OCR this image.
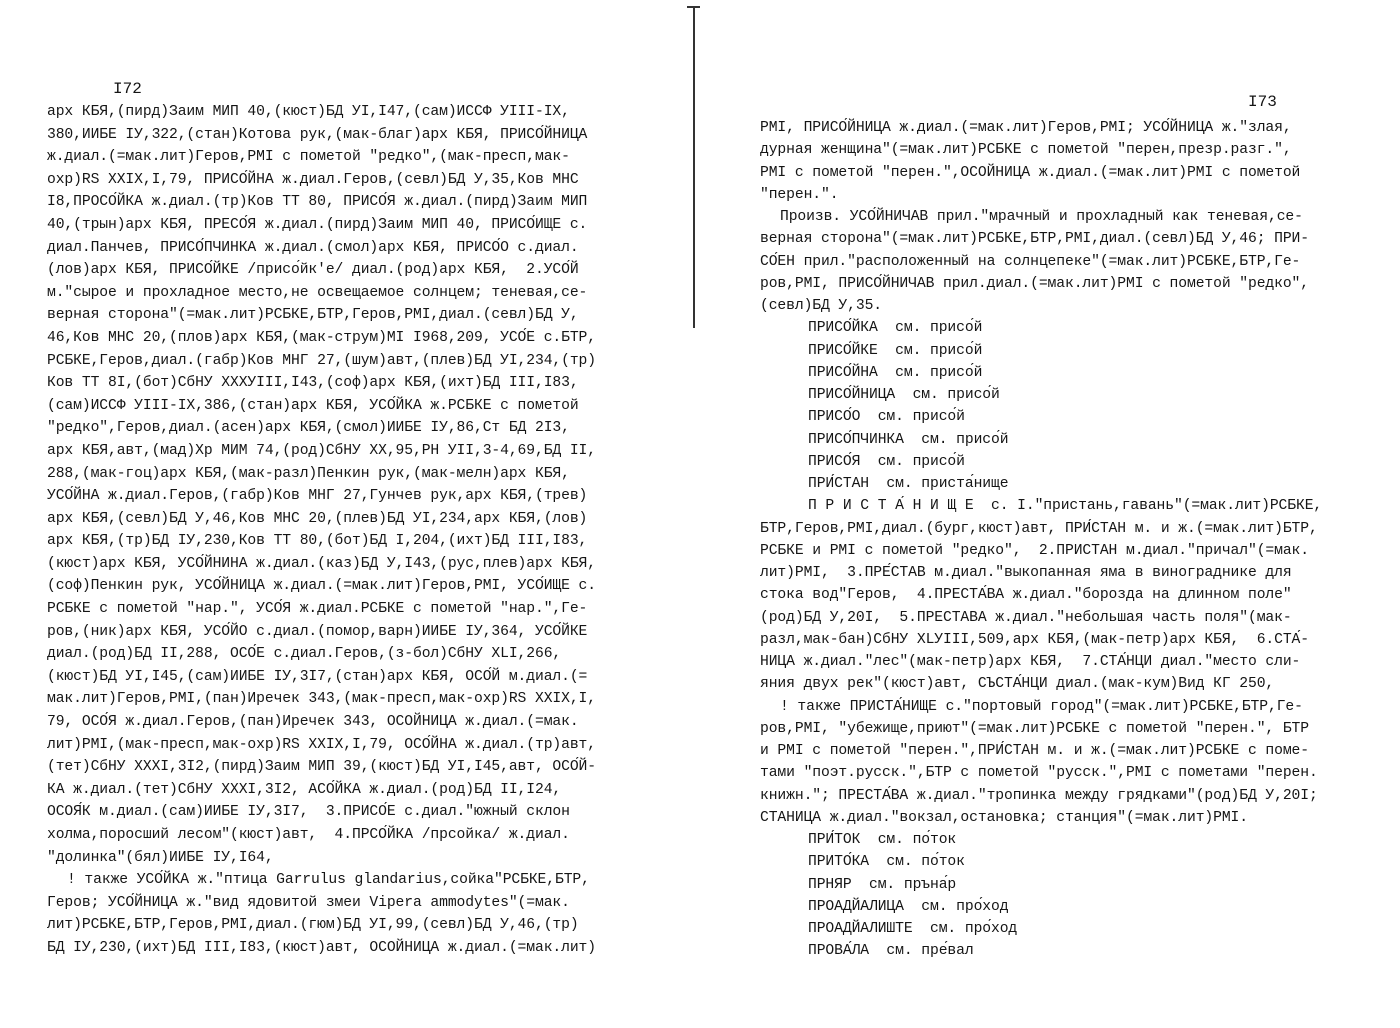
I72
арх КБЯ,(пирд)Заим МИП 40,(кюст)БД УI,I47,(сам)ИССФ УIII-IX,
380,ИИБЕ IУ,322,(стан)Котова рук,(мак-благ)арх КБЯ, ПРИСО́ЙНИЦА
ж.диал.(=мак.лит)Геров,РМI с пометой "редко",(мак-пресп,мак-
охр)RS XXIX,I,79, ПРИСО́ЙНА ж.диал.Геров,(севл)БД У,35,Ков МНС
I8,ПРОСО́ЙКА ж.диал.(тр)Ков ТТ 80, ПРИСО́Я ж.диал.(пирд)Заим МИП
40,(трын)арх КБЯ, ПРЕСО́Я ж.диал.(пирд)Заим МИП 40, ПРИСО́ИЩЕ с.
диал.Панчев, ПРИСО́ПЧИНКА ж.диал.(смол)арх КБЯ, ПРИСО́О с.диал.
(лов)арх КБЯ, ПРИСО́ЙКЕ /присо́йк'е/ диал.(род)арх КБЯ,  2.УСО́Й
м."сырое и прохладное место,не освещаемое солнцем; теневая,се-
верная сторона"(=мак.лит)РСБКЕ,БТР,Геров,РМI,диал.(севл)БД У,
46,Ков МНС 20,(плов)арх КБЯ,(мак-струм)МI I968,209, УСО́Е с.БТР,
РСБКЕ,Геров,диал.(габр)Ков МНГ 27,(шум)авт,(плев)БД УI,234,(тр)
Ков ТТ 8I,(бот)СбНУ XXXУIII,I43,(соф)арх КБЯ,(ихт)БД III,I83,
(сам)ИССФ УIII-IX,386,(стан)арх КБЯ, УСО́ЙКА ж.РСБКЕ с пометой
"редко",Геров,диал.(асен)арх КБЯ,(смол)ИИБЕ IУ,86,Ст БД 2I3,
арх КБЯ,авт,(мад)Хр МИМ 74,(род)СбНУ XX,95,РН УII,3-4,69,БД II,
288,(мак-гоц)арх КБЯ,(мак-разл)Пенкин рук,(мак-мелн)арх КБЯ,
УСО́ЙНА ж.диал.Геров,(габр)Ков МНГ 27,Гунчев рук,арх КБЯ,(трев)
арх КБЯ,(севл)БД У,46,Ков МНС 20,(плев)БД УI,234,арх КБЯ,(лов)
арх КБЯ,(тр)БД IУ,230,Ков ТТ 80,(бот)БД I,204,(ихт)БД III,I83,
(кюст)арх КБЯ, УСО́ЙНИНА ж.диал.(каз)БД У,I43,(рус,плев)арх КБЯ,
(соф)Пенкин рук, УСО́ЙНИЦА ж.диал.(=мак.лит)Геров,РМI, УСО́ИЩЕ с.
РСБКЕ с пометой "нар.", УСО́Я ж.диал.РСБКЕ с пометой "нар.",Ге-
ров,(ник)арх КБЯ, УСО́ЙО с.диал.(помор,варн)ИИБЕ IУ,364, УСО́ЙКЕ
диал.(род)БД II,288, ОСО́Е с.диал.Геров,(з-бол)СбНУ XLI,266,
(кюст)БД УI,I45,(сам)ИИБЕ IУ,3I7,(стан)арх КБЯ, ОСО́Й м.диал.(=
мак.лит)Геров,РМI,(пан)Иречек 343,(мак-пресп,мак-охр)RS XXIX,I,
79, ОСО́Я ж.диал.Геров,(пан)Иречек 343, ОСОЙНИЦА ж.диал.(=мак.
лит)РМI,(мак-пресп,мак-охр)RS XXIX,I,79, ОСО́ЙНА ж.диал.(тр)авт,
(тет)СбНУ XXXI,3I2,(пирд)Заим МИП 39,(кюст)БД УI,I45,авт, ОСО́Й-
КА ж.диал.(тет)СбНУ XXXI,3I2, АСО́ЙКА ж.диал.(род)БД II,I24,
ОСОЯ́К м.диал.(сам)ИИБЕ IУ,3I7,  3.ПРИСО́Е с.диал."южный склон
холма,поросший лесом"(кюст)авт,  4.ПРСО́ЙКА /прсойка/ ж.диал.
"долинка"(бял)ИИБЕ IУ,I64,
! также УСО́ЙКА ж."птица Garrulus glandarius,сойка"РСБКЕ,БТР,
Геров; УСО́ЙНИЦА ж."вид ядовитой змеи Vipera ammodytes"(=мак.
лит)РСБКЕ,БТР,Геров,РМI,диал.(гюм)БД УI,99,(севл)БД У,46,(тр)
БД IУ,230,(ихт)БД III,I83,(кюст)авт, ОСОЙНИЦА ж.диал.(=мак.лит)
I73
РМI, ПРИСО́ЙНИЦА ж.диал.(=мак.лит)Геров,РМI; УСО́ЙНИЦА ж."злая,
дурная женщина"(=мак.лит)РСБКЕ с пометой "перен,презр.разг.",
РМI с пометой "перен.",ОСОЙНИЦА ж.диал.(=мак.лит)РМI с пометой
"перен.".
Произв. УСО́ЙНИЧАВ прил."мрачный и прохладный как теневая,се-
верная сторона"(=мак.лит)РСБКЕ,БТР,РМI,диал.(севл)БД У,46; ПРИ-
СО́ЕН прил."расположенный на солнцепеке"(=мак.лит)РСБКЕ,БТР,Ге-
ров,РМI, ПРИСО́ЙНИЧАВ прил.диал.(=мак.лит)РМI с пометой "редко",
(севл)БД У,35.
ПРИСО́ЙКА  см. присо́й
ПРИСО́ЙКЕ  см. присо́й
ПРИСО́ЙНА  см. присо́й
ПРИСО́ЙНИЦА  см. присо́й
ПРИСО́О  см. присо́й
ПРИСО́ПЧИНКА  см. присо́й
ПРИСО́Я  см. присо́й
ПРИ́СТАН  см. приста́нище
П Р И С Т А́ Н И Щ Е  с. I."пристань,гавань"(=мак.лит)РСБКЕ,
БТР,Геров,РМI,диал.(бург,кюст)авт, ПРИ́СТАН м. и ж.(=мак.лит)БТР,
РСБКЕ и РМI с пометой "редко",  2.ПРИСТАН м.диал."причал"(=мак.
лит)РМI,  3.ПРЕ́СТАВ м.диал."выкопанная яма в винограднике для
стока вод"Геров,  4.ПРЕСТА́ВА ж.диал."борозда на длинном поле"
(род)БД У,20I,  5.ПРЕСТАВА ж.диал."небольшая часть поля"(мак-
разл,мак-бан)СбНУ XLУIII,509,арх КБЯ,(мак-петр)арх КБЯ,  6.СТА́-
НИЦА ж.диал."лес"(мак-петр)арх КБЯ,  7.СТА́НЦИ диал."место сли-
яния двух рек"(кюст)авт, СЪСТА́НЦИ диал.(мак-кум)Вид КГ 250,
! также ПРИСТА́НИЩЕ с."портовый город"(=мак.лит)РСБКЕ,БТР,Ге-
ров,РМI, "убежище,приют"(=мак.лит)РСБКЕ с пометой "перен.", БТР
и РМI с пометой "перен.",ПРИ́СТАН м. и ж.(=мак.лит)РСБКЕ с поме-
тами "поэт.русск.",БТР с пометой "русск.",РМI с пометами "перен.
книжн."; ПРЕСТА́ВА ж.диал."тропинка между грядками"(род)БД У,20I;
СТАНИЦА ж.диал."вокзал,остановка; станция"(=мак.лит)РМI.
ПРИ́ТОК  см. по́ток
ПРИТО́КА  см. по́ток
ПРНЯР  см. пръна́р
ПРОАДЙАЛИЦА  см. про́ход
ПРОАДЙАЛИШТЕ  см. про́ход
ПРОВА́ЛА  см. пре́вал
